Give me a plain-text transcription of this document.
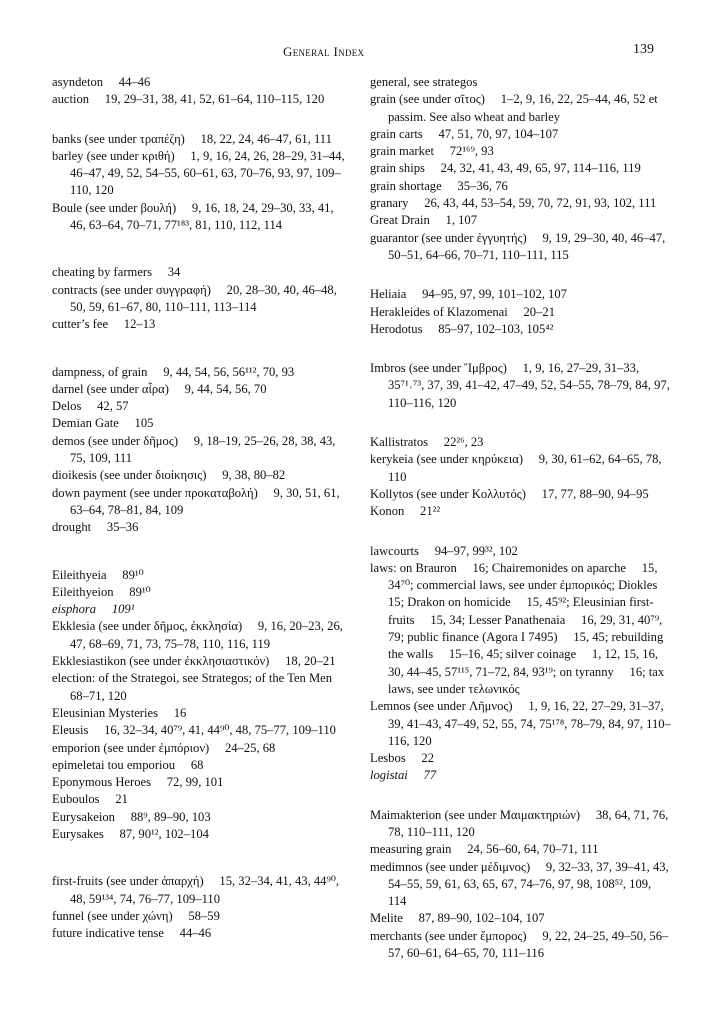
General Index	139
asyndeton  44–46
auction  19, 29–31, 38, 41, 52, 61–64, 110–115, 120
banks (see under τραπέζη)  18, 22, 24, 46–47, 61, 111
barley (see under κριθή)  1, 9, 16, 24, 26, 28–29, 31–44, 46–47, 49, 52, 54–55, 60–61, 63, 70–76, 93, 97, 109–110, 120
Boule (see under βουλή)  9, 16, 18, 24, 29–30, 33, 41, 46, 63–64, 70–71, 77¹⁸³, 81, 110, 112, 114
cheating by farmers  34
contracts (see under συγγραφή)  20, 28–30, 40, 46–48, 50, 59, 61–67, 80, 110–111, 113–114
cutter’s fee  12–13
dampness, of grain  9, 44, 54, 56, 56¹¹², 70, 93
darnel (see under αἶρα)  9, 44, 54, 56, 70
Delos  42, 57
Demian Gate  105
demos (see under δῆμος)  9, 18–19, 25–26, 28, 38, 43, 75, 109, 111
dioikesis (see under διοίκησις)  9, 38, 80–82
down payment (see under προκαταβολή)  9, 30, 51, 61, 63–64, 78–81, 84, 109
drought  35–36
Eileithyeia  89¹⁰
Eileithyeion  89¹⁰
eisphora  109¹
Ekklesia (see under δῆμος, ἐκκλησία)  9, 16, 20–23, 26, 47, 68–69, 71, 73, 75–78, 110, 116, 119
Ekklesiastikon (see under ἐκκλησιαστικόν)  18, 20–21
election: of the Strategoi, see Strategos; of the Ten Men  68–71, 120
Eleusinian Mysteries  16
Eleusis  16, 32–34, 40⁷⁹, 41, 44⁹⁰, 48, 75–77, 109–110
emporion (see under ἐμπόριον)  24–25, 68
epimeletai tou emporiou  68
Eponymous Heroes  72, 99, 101
Euboulos  21
Eurysakeion  88⁹, 89–90, 103
Eurysakes  87, 90¹², 102–104
first-fruits (see under ἀπαρχή)  15, 32–34, 41, 43, 44⁹⁰, 48, 59¹³⁴, 74, 76–77, 109–110
funnel (see under χώνη)  58–59
future indicative tense  44–46
general, see strategos
grain (see under σῖτος)  1–2, 9, 16, 22, 25–44, 46, 52 et passim. See also wheat and barley
grain carts  47, 51, 70, 97, 104–107
grain market  72¹⁶⁹, 93
grain ships  24, 32, 41, 43, 49, 65, 97, 114–116, 119
grain shortage  35–36, 76
granary  26, 43, 44, 53–54, 59, 70, 72, 91, 93, 102, 111
Great Drain  1, 107
guarantor (see under ἐγγυητής)  9, 19, 29–30, 40, 46–47, 50–51, 64–66, 70–71, 110–111, 115
Heliaia  94–95, 97, 99, 101–102, 107
Herakleides of Klazomenai  20–21
Herodotus  85–97, 102–103, 105⁴²
Imbros (see under Ἴμβρος)  1, 9, 16, 27–29, 31–33, 35⁷¹˒⁷³, 37, 39, 41–42, 47–49, 52, 54–55, 78–79, 84, 97, 110–116, 120
Kallistratos  22²⁶, 23
kerykeia (see under κηρύκεια)  9, 30, 61–62, 64–65, 78, 110
Kollytos (see under Κολλυτός)  17, 77, 88–90, 94–95
Konon  21²²
lawcourts  94–97, 99³², 102
laws: on Brauron  16; Chairemonides on aparche  15, 34⁷⁰; commercial laws, see under ἐμπορικός; Diokles  15; Drakon on homicide  15, 45⁹²; Eleusinian first-fruits  15, 34; Lesser Panathenaia  16, 29, 31, 40⁷⁹, 79; public finance (Agora I 7495)  15, 45; rebuilding the walls  15–16, 45; silver coinage  1, 12, 15, 16, 30, 44–45, 57¹¹⁵, 71–72, 84, 93¹⁹; on tyranny  16; tax laws, see under τελωνικός
Lemnos (see under Λῆμνος)  1, 9, 16, 22, 27–29, 31–37, 39, 41–43, 47–49, 52, 55, 74, 75¹⁷⁸, 78–79, 84, 97, 110–116, 120
Lesbos  22
logistai  77
Maimakterion (see under Μαιμακτηριών)  38, 64, 71, 76, 78, 110–111, 120
measuring grain  24, 56–60, 64, 70–71, 111
medimnos (see under μέδιμνος)  9, 32–33, 37, 39–41, 43, 54–55, 59, 61, 63, 65, 67, 74–76, 97, 98, 108⁵², 109, 114
Melite  87, 89–90, 102–104, 107
merchants (see under ἔμπορος)  9, 22, 24–25, 49–50, 56–57, 60–61, 64–65, 70, 111–116
